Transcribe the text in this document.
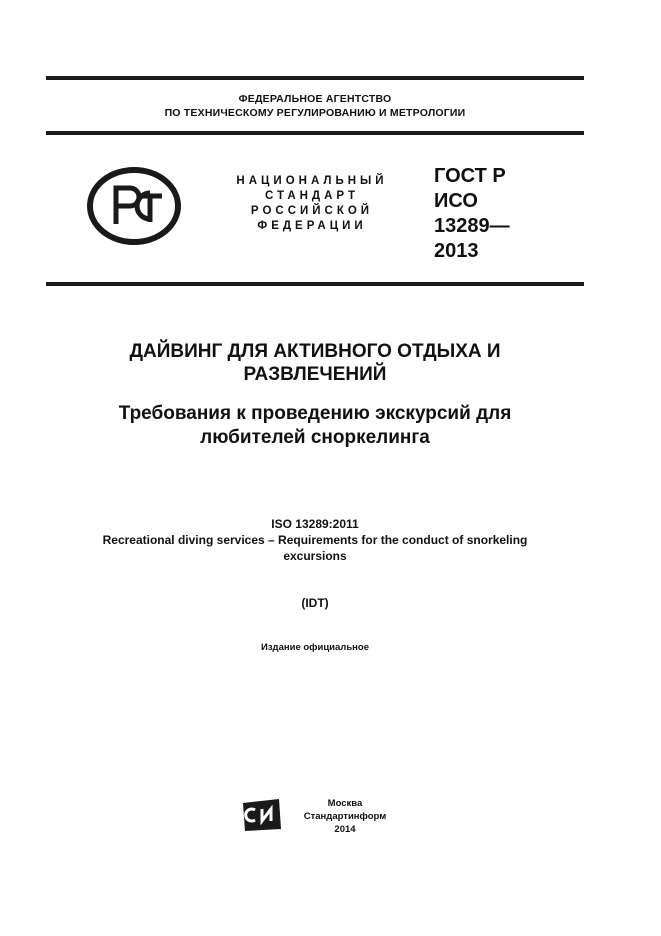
ФЕДЕРАЛЬНОЕ АГЕНТСТВО
ПО ТЕХНИЧЕСКОМУ РЕГУЛИРОВАНИЮ И МЕТРОЛОГИИ
НАЦИОНАЛЬНЫЙ
СТАНДАРТ
РОССИЙСКОЙ
ФЕДЕРАЦИИ
ГОСТ Р
ИСО
13289—
2013
ДАЙВИНГ ДЛЯ АКТИВНОГО ОТДЫХА И
РАЗВЛЕЧЕНИЙ
Требования к проведению экскурсий для
любителей сноркелинга
ISO 13289:2011
Recreational diving services – Requirements for the conduct of snorkeling
excursions
(IDT)
Издание официальное
Москва
Стандартинформ
2014
